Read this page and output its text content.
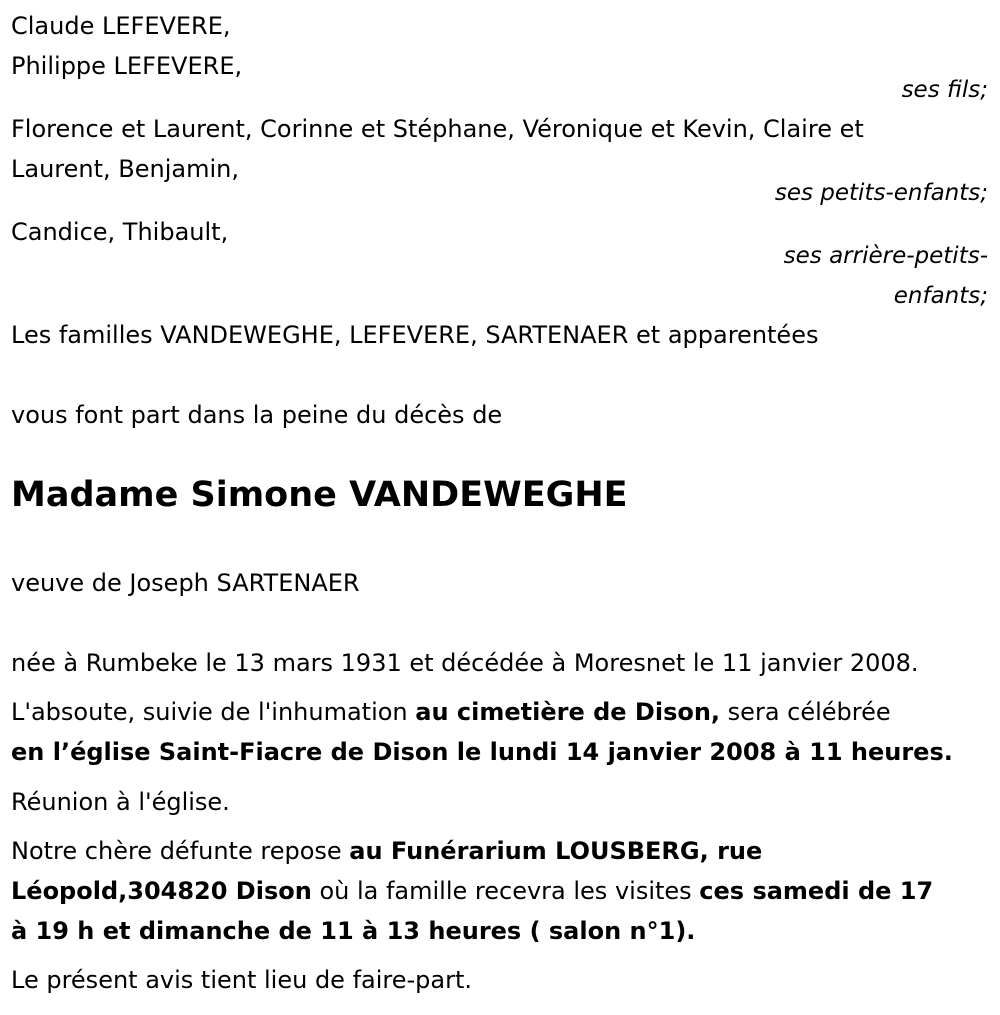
Claude LEFEVERE,
Philippe LEFEVERE,
ses fils;
Florence et Laurent, Corinne et Stéphane, Véronique et Kevin, Claire et
Laurent, Benjamin,
ses petits-enfants;
Candice, Thibault,
ses arrière-petits-
enfants;
Les familles VANDEWEGHE, LEFEVERE, SARTENAER et apparentées
vous font part dans la peine du décès de
Madame Simone VANDEWEGHE
veuve de Joseph SARTENAER
née à Rumbeke le 13 mars 1931 et décédée à Moresnet le 11 janvier 2008.
L'absoute, suivie de l'inhumation au cimetière de Dison, sera célébrée
en l’église Saint-Fiacre de Dison le lundi 14 janvier 2008 à 11 heures.
Réunion à l'église.
Notre chère défunte repose au Funérarium LOUSBERG, rue
Léopold,304820 Dison où la famille recevra les visites ces samedi de 17
à 19 h et dimanche de 11 à 13 heures ( salon n°1).
Le présent avis tient lieu de faire-part.
